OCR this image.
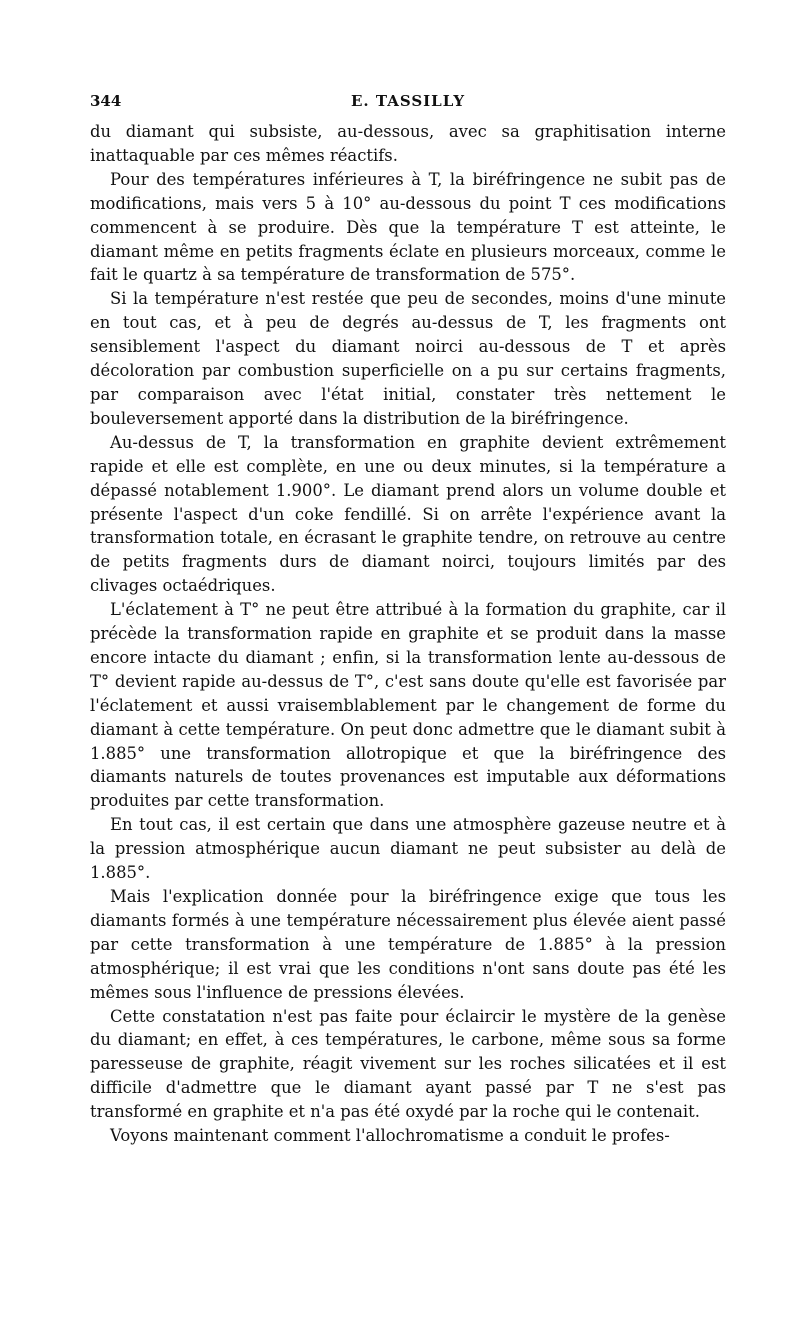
344	E. TASSILLY

du diamant qui subsiste, au-dessous, avec sa graphitisation interne inattaquable par ces mêmes réactifs.

Pour des températures inférieures à T, la biréfringence ne subit pas de modifications, mais vers 5 à 10° au-dessous du point T ces modifications commencent à se produire. Dès que la température T est atteinte, le diamant même en petits fragments éclate en plusieurs morceaux, comme le fait le quartz à sa température de transformation de 575°.

Si la température n'est restée que peu de secondes, moins d'une minute en tout cas, et à peu de degrés au-dessus de T, les fragments ont sensiblement l'aspect du diamant noirci au-dessous de T et après décoloration par combustion superficielle on a pu sur certains fragments, par comparaison avec l'état initial, constater très nettement le bouleversement apporté dans la distribution de la biréfringence.

Au-dessus de T, la transformation en graphite devient extrêmement rapide et elle est complète, en une ou deux minutes, si la température a dépassé notablement 1.900°. Le diamant prend alors un volume double et présente l'aspect d'un coke fendillé. Si on arrête l'expérience avant la transformation totale, en écrasant le graphite tendre, on retrouve au centre de petits fragments durs de diamant noirci, toujours limités par des clivages octaédriques.

L'éclatement à T° ne peut être attribué à la formation du graphite, car il précède la transformation rapide en graphite et se produit dans la masse encore intacte du diamant ; enfin, si la transformation lente au-dessous de T° devient rapide au-dessus de T°, c'est sans doute qu'elle est favorisée par l'éclatement et aussi vraisemblablement par le changement de forme du diamant à cette température. On peut donc admettre que le diamant subit à 1.885° une transformation allotropique et que la biréfringence des diamants naturels de toutes provenances est imputable aux déformations produites par cette transformation.

En tout cas, il est certain que dans une atmosphère gazeuse neutre et à la pression atmosphérique aucun diamant ne peut subsister au delà de 1.885°.

Mais l'explication donnée pour la biréfringence exige que tous les diamants formés à une température nécessairement plus élevée aient passé par cette transformation à une température de 1.885° à la pression atmosphérique; il est vrai que les conditions n'ont sans doute pas été les mêmes sous l'influence de pressions élevées.

Cette constatation n'est pas faite pour éclaircir le mystère de la genèse du diamant; en effet, à ces températures, le carbone, même sous sa forme paresseuse de graphite, réagit vivement sur les roches silicatées et il est difficile d'admettre que le diamant ayant passé par T ne s'est pas transformé en graphite et n'a pas été oxydé par la roche qui le contenait.

Voyons maintenant comment l'allochromatisme a conduit le profes-
